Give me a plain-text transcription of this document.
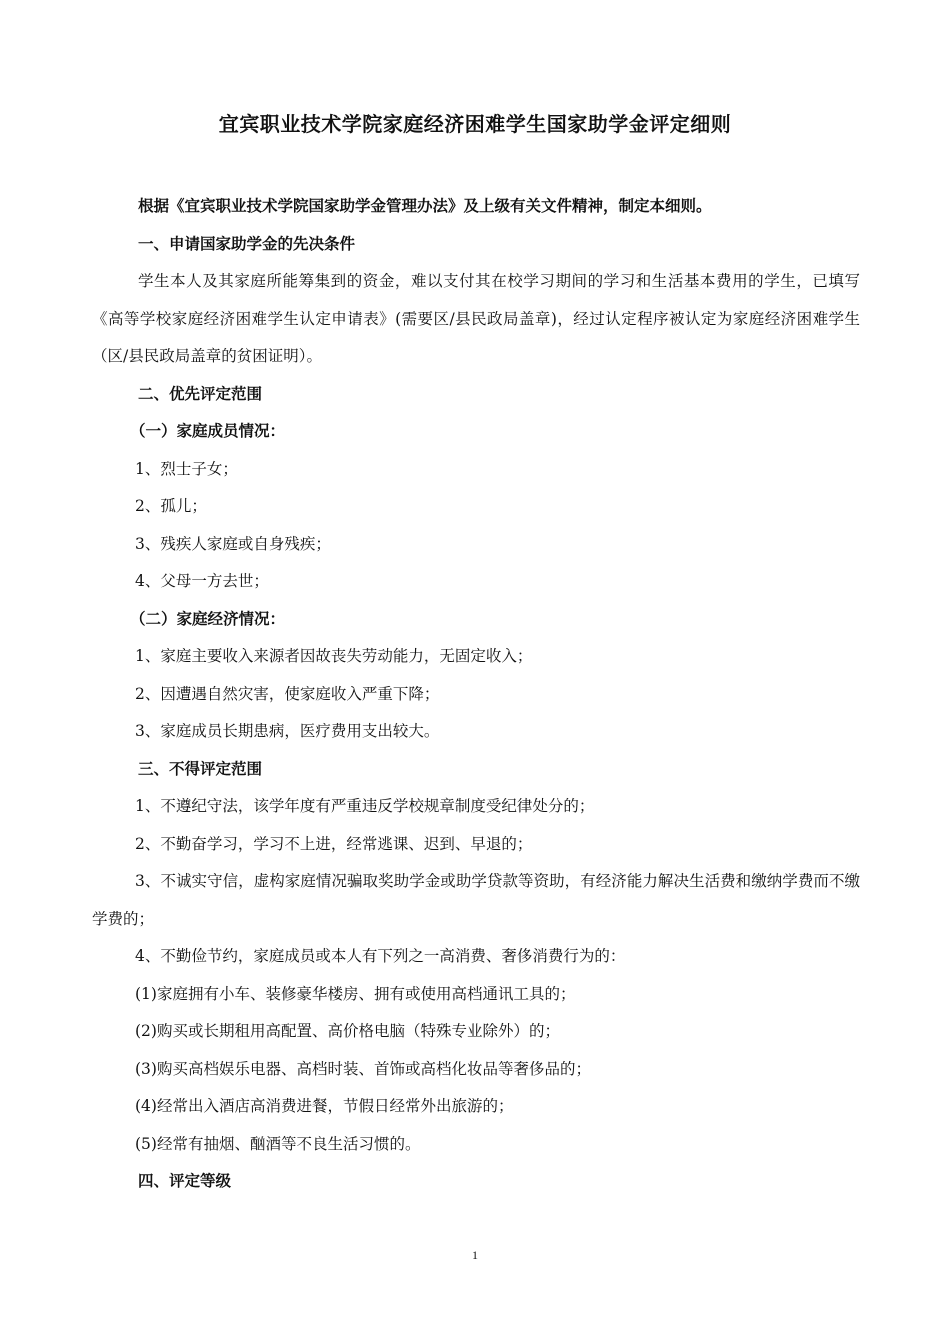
宜宾职业技术学院家庭经济困难学生国家助学金评定细则

根据《宜宾职业技术学院国家助学金管理办法》及上级有关文件精神，制定本细则。

一、申请国家助学金的先决条件

学生本人及其家庭所能筹集到的资金，难以支付其在校学习期间的学习和生活基本费用的学生，已填写《高等学校家庭经济困难学生认定申请表》(需要区/县民政局盖章)，经过认定程序被认定为家庭经济困难学生（区/县民政局盖章的贫困证明）。

二、优先评定范围

（一）家庭成员情况：

1、烈士子女；

2、孤儿；

3、残疾人家庭或自身残疾；

4、父母一方去世；

（二）家庭经济情况：

1、家庭主要收入来源者因故丧失劳动能力，无固定收入；

2、因遭遇自然灾害，使家庭收入严重下降；

3、家庭成员长期患病，医疗费用支出较大。

三、不得评定范围

1、不遵纪守法，该学年度有严重违反学校规章制度受纪律处分的；

2、不勤奋学习，学习不上进，经常逃课、迟到、早退的；

3、不诚实守信，虚构家庭情况骗取奖助学金或助学贷款等资助，有经济能力解决生活费和缴纳学费而不缴学费的；

4、不勤俭节约，家庭成员或本人有下列之一高消费、奢侈消费行为的：

(1)家庭拥有小车、装修豪华楼房、拥有或使用高档通讯工具的；

(2)购买或长期租用高配置、高价格电脑（特殊专业除外）的；

(3)购买高档娱乐电器、高档时装、首饰或高档化妆品等奢侈品的；

(4)经常出入酒店高消费进餐，节假日经常外出旅游的；

(5)经常有抽烟、酗酒等不良生活习惯的。

四、评定等级

1
